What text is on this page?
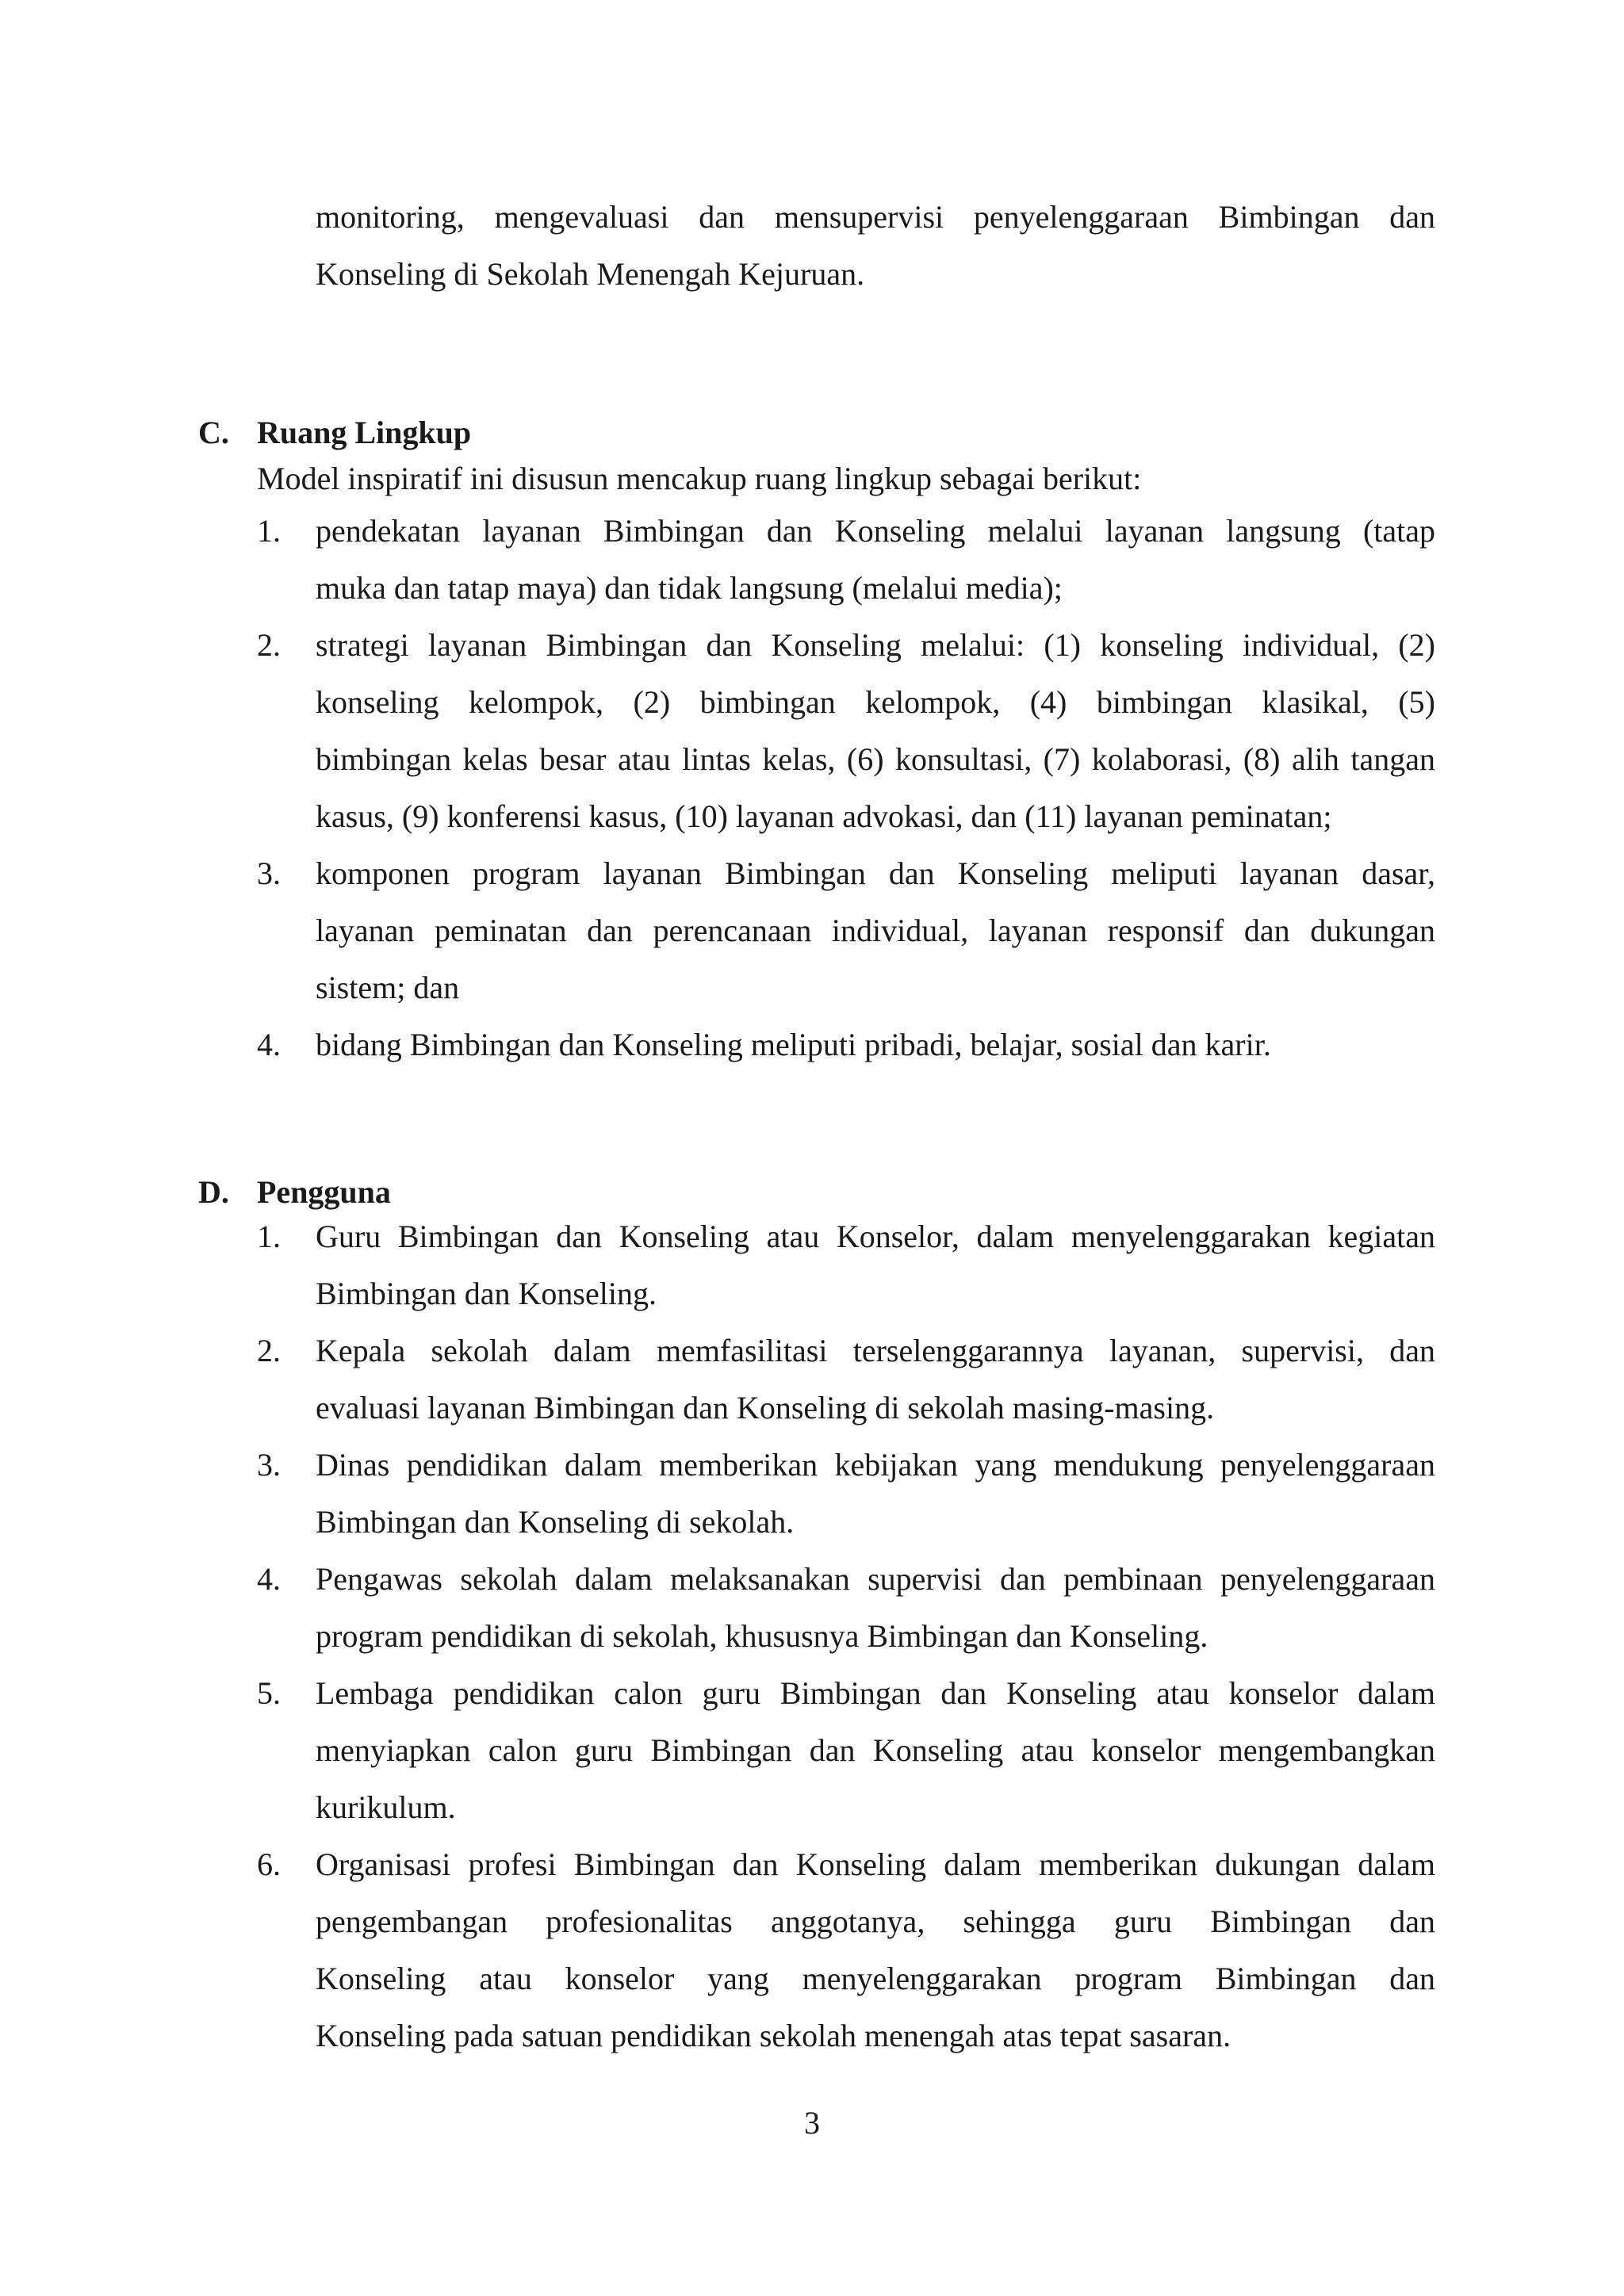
monitoring, mengevaluasi dan mensupervisi penyelenggaraan Bimbingan dan
Konseling di Sekolah Menengah Kejuruan.
C. Ruang Lingkup
Model inspiratif ini disusun mencakup ruang lingkup sebagai berikut:
1.	pendekatan layanan Bimbingan dan Konseling melalui layanan langsung (tatap
muka dan tatap maya) dan tidak langsung (melalui media);
2.	strategi layanan Bimbingan dan Konseling melalui: (1) konseling individual, (2)
konseling kelompok, (2) bimbingan kelompok, (4) bimbingan klasikal, (5)
bimbingan kelas besar atau lintas kelas, (6) konsultasi, (7) kolaborasi, (8) alih tangan
kasus, (9) konferensi kasus, (10) layanan advokasi, dan (11) layanan peminatan;
3.	komponen program layanan Bimbingan dan Konseling meliputi layanan dasar,
layanan peminatan dan perencanaan individual, layanan responsif dan dukungan
sistem; dan
4.	bidang Bimbingan dan Konseling meliputi pribadi, belajar, sosial dan karir.
D. Pengguna
1.	Guru Bimbingan dan Konseling atau Konselor, dalam menyelenggarakan kegiatan
Bimbingan dan Konseling.
2.	Kepala sekolah dalam memfasilitasi terselenggarannya layanan, supervisi, dan
evaluasi layanan Bimbingan dan Konseling di sekolah masing-masing.
3.	Dinas pendidikan dalam memberikan kebijakan yang mendukung penyelenggaraan
Bimbingan dan Konseling di sekolah.
4.	Pengawas sekolah dalam melaksanakan supervisi dan pembinaan penyelenggaraan
program pendidikan di sekolah, khususnya Bimbingan dan Konseling.
5.	Lembaga pendidikan calon guru Bimbingan dan Konseling atau konselor dalam
menyiapkan calon guru Bimbingan dan Konseling atau konselor mengembangkan
kurikulum.
6.	Organisasi profesi Bimbingan dan Konseling dalam memberikan dukungan dalam
pengembangan profesionalitas anggotanya, sehingga guru Bimbingan dan
Konseling atau konselor yang menyelenggarakan program Bimbingan dan
Konseling pada satuan pendidikan sekolah menengah atas tepat sasaran.
3
